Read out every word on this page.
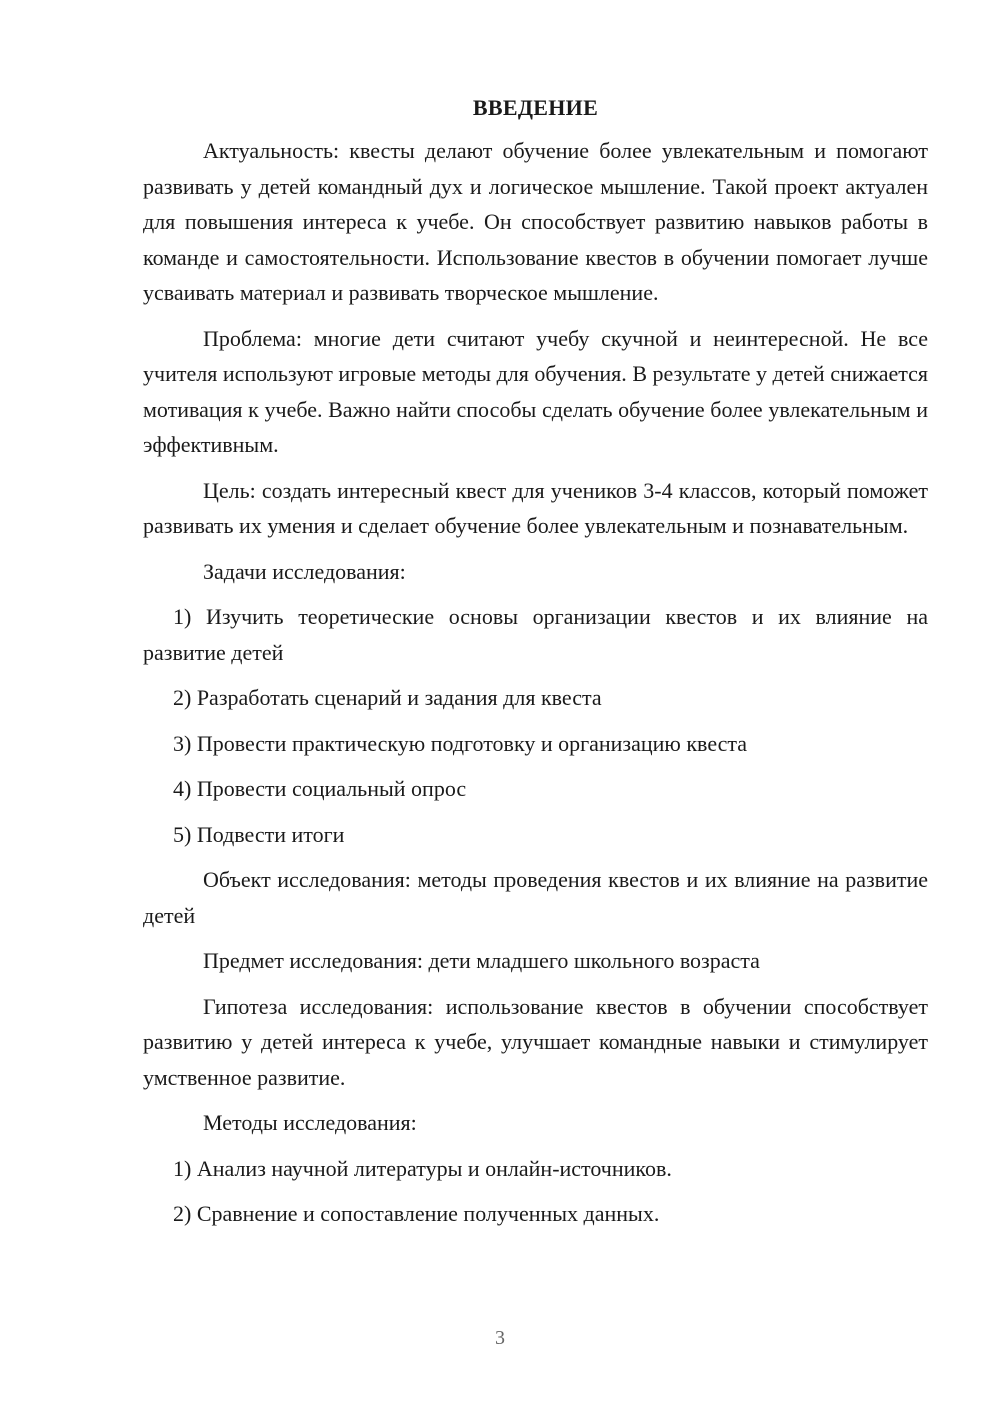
ВВЕДЕНИЕ

Актуальность: квесты делают обучение более увлекательным и помогают развивать у детей командный дух и логическое мышление. Такой проект актуален для повышения интереса к учебе. Он способствует развитию навыков работы в команде и самостоятельности. Использование квестов в обучении помогает лучше усваивать материал и развивать творческое мышление.

Проблема: многие дети считают учебу скучной и неинтересной. Не все учителя используют игровые методы для обучения. В результате у детей снижается мотивация к учебе. Важно найти способы сделать обучение более увлекательным и эффективным.

Цель: создать интересный квест для учеников 3-4 классов, который поможет развивать их умения и сделает обучение более увлекательным и познавательным.

Задачи исследования:

1) Изучить теоретические основы организации квестов и их влияние на развитие детей

2) Разработать сценарий и задания для квеста

3) Провести практическую подготовку и организацию квеста

4) Провести социальный опрос

5) Подвести итоги

Объект исследования: методы проведения квестов и их влияние на развитие детей

Предмет исследования: дети младшего школьного возраста

Гипотеза исследования: использование квестов в обучении способствует развитию у детей интереса к учебе, улучшает командные навыки и стимулирует умственное развитие.

Методы исследования:

1) Анализ научной литературы и онлайн-источников.

2) Сравнение и сопоставление полученных данных.

3
